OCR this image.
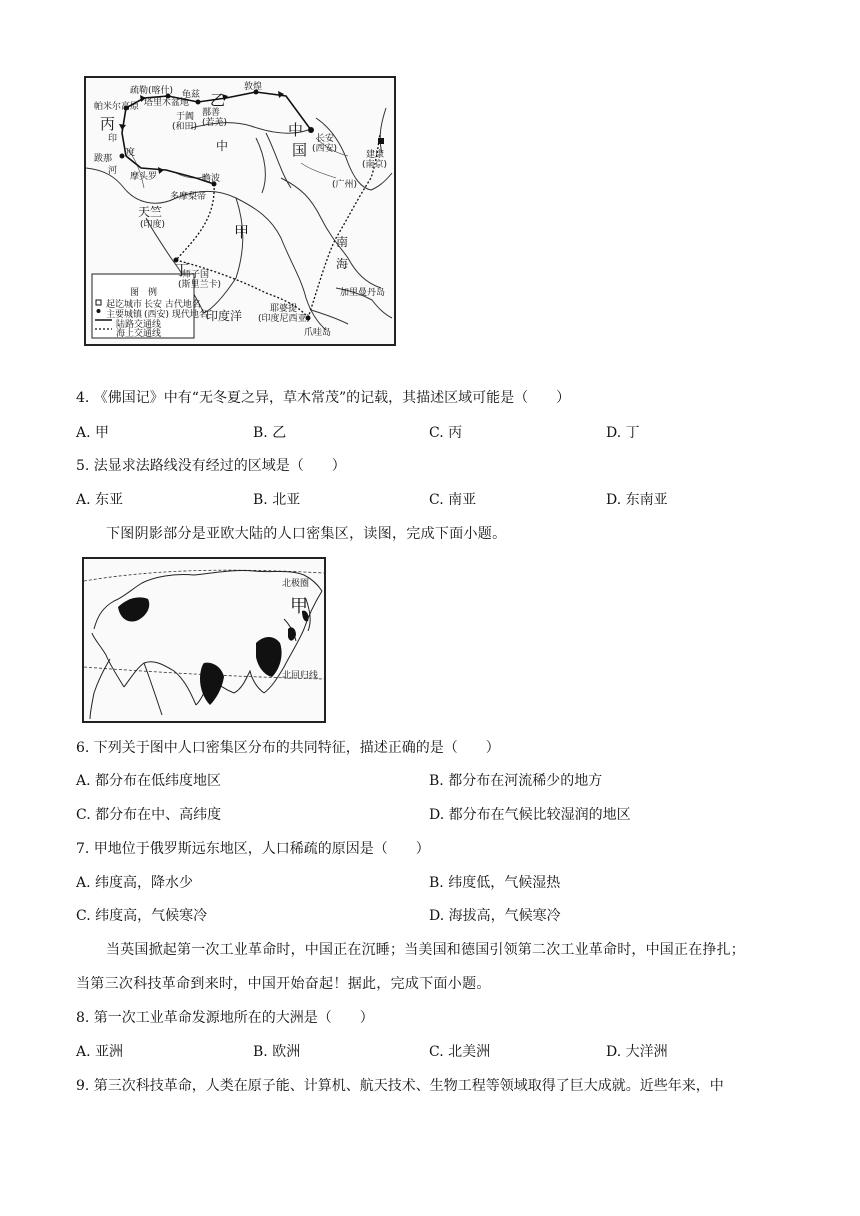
帕米尔高原
疏勒(喀什)
塔里木盆地
龟兹 乙
敦煌
鄯善
(若羌)
于阗
(和田)
丙
印
跋那
度
河
摩头罗
中
中
国
长安
(西安)
建康
(南京)
(广州)
瞻波
多摩梨帝
天竺
(印度)
丁
师子国
(斯里兰卡)
南
海
加里曼丹岛
耶婆提
(印度尼西亚)
爪哇岛
印度洋
甲
图　例
起讫城市
主要城镇
陆路交通线
海上交通线
长安 古代地名
(西安) 现代地名
4. 《佛国记》中有“无冬夏之异，草木常茂”的记载，其描述区域可能是（　　）
A. 甲	B. 乙	C. 丙	D. 丁
5. 法显求法路线没有经过的区域是（　　）
A. 东亚	B. 北亚	C. 南亚	D. 东南亚
下图阴影部分是亚欧大陆的人口密集区，读图，完成下面小题。
北极圈
甲
北回归线
6. 下列关于图中人口密集区分布的共同特征，描述正确的是（　　）
A. 都分布在低纬度地区	B. 都分布在河流稀少的地方
C. 都分布在中、高纬度	D. 都分布在气候比较湿润的地区
7. 甲地位于俄罗斯远东地区，人口稀疏的原因是（　　）
A. 纬度高，降水少	B. 纬度低，气候湿热
C. 纬度高，气候寒冷	D. 海拔高，气候寒冷
当英国掀起第一次工业革命时，中国正在沉睡；当美国和德国引领第二次工业革命时，中国正在挣扎；
当第三次科技革命到来时，中国开始奋起！据此，完成下面小题。
8. 第一次工业革命发源地所在的大洲是（　　）
A. 亚洲	B. 欧洲	C. 北美洲	D. 大洋洲
9. 第三次科技革命，人类在原子能、计算机、航天技术、生物工程等领域取得了巨大成就。近些年来，中
